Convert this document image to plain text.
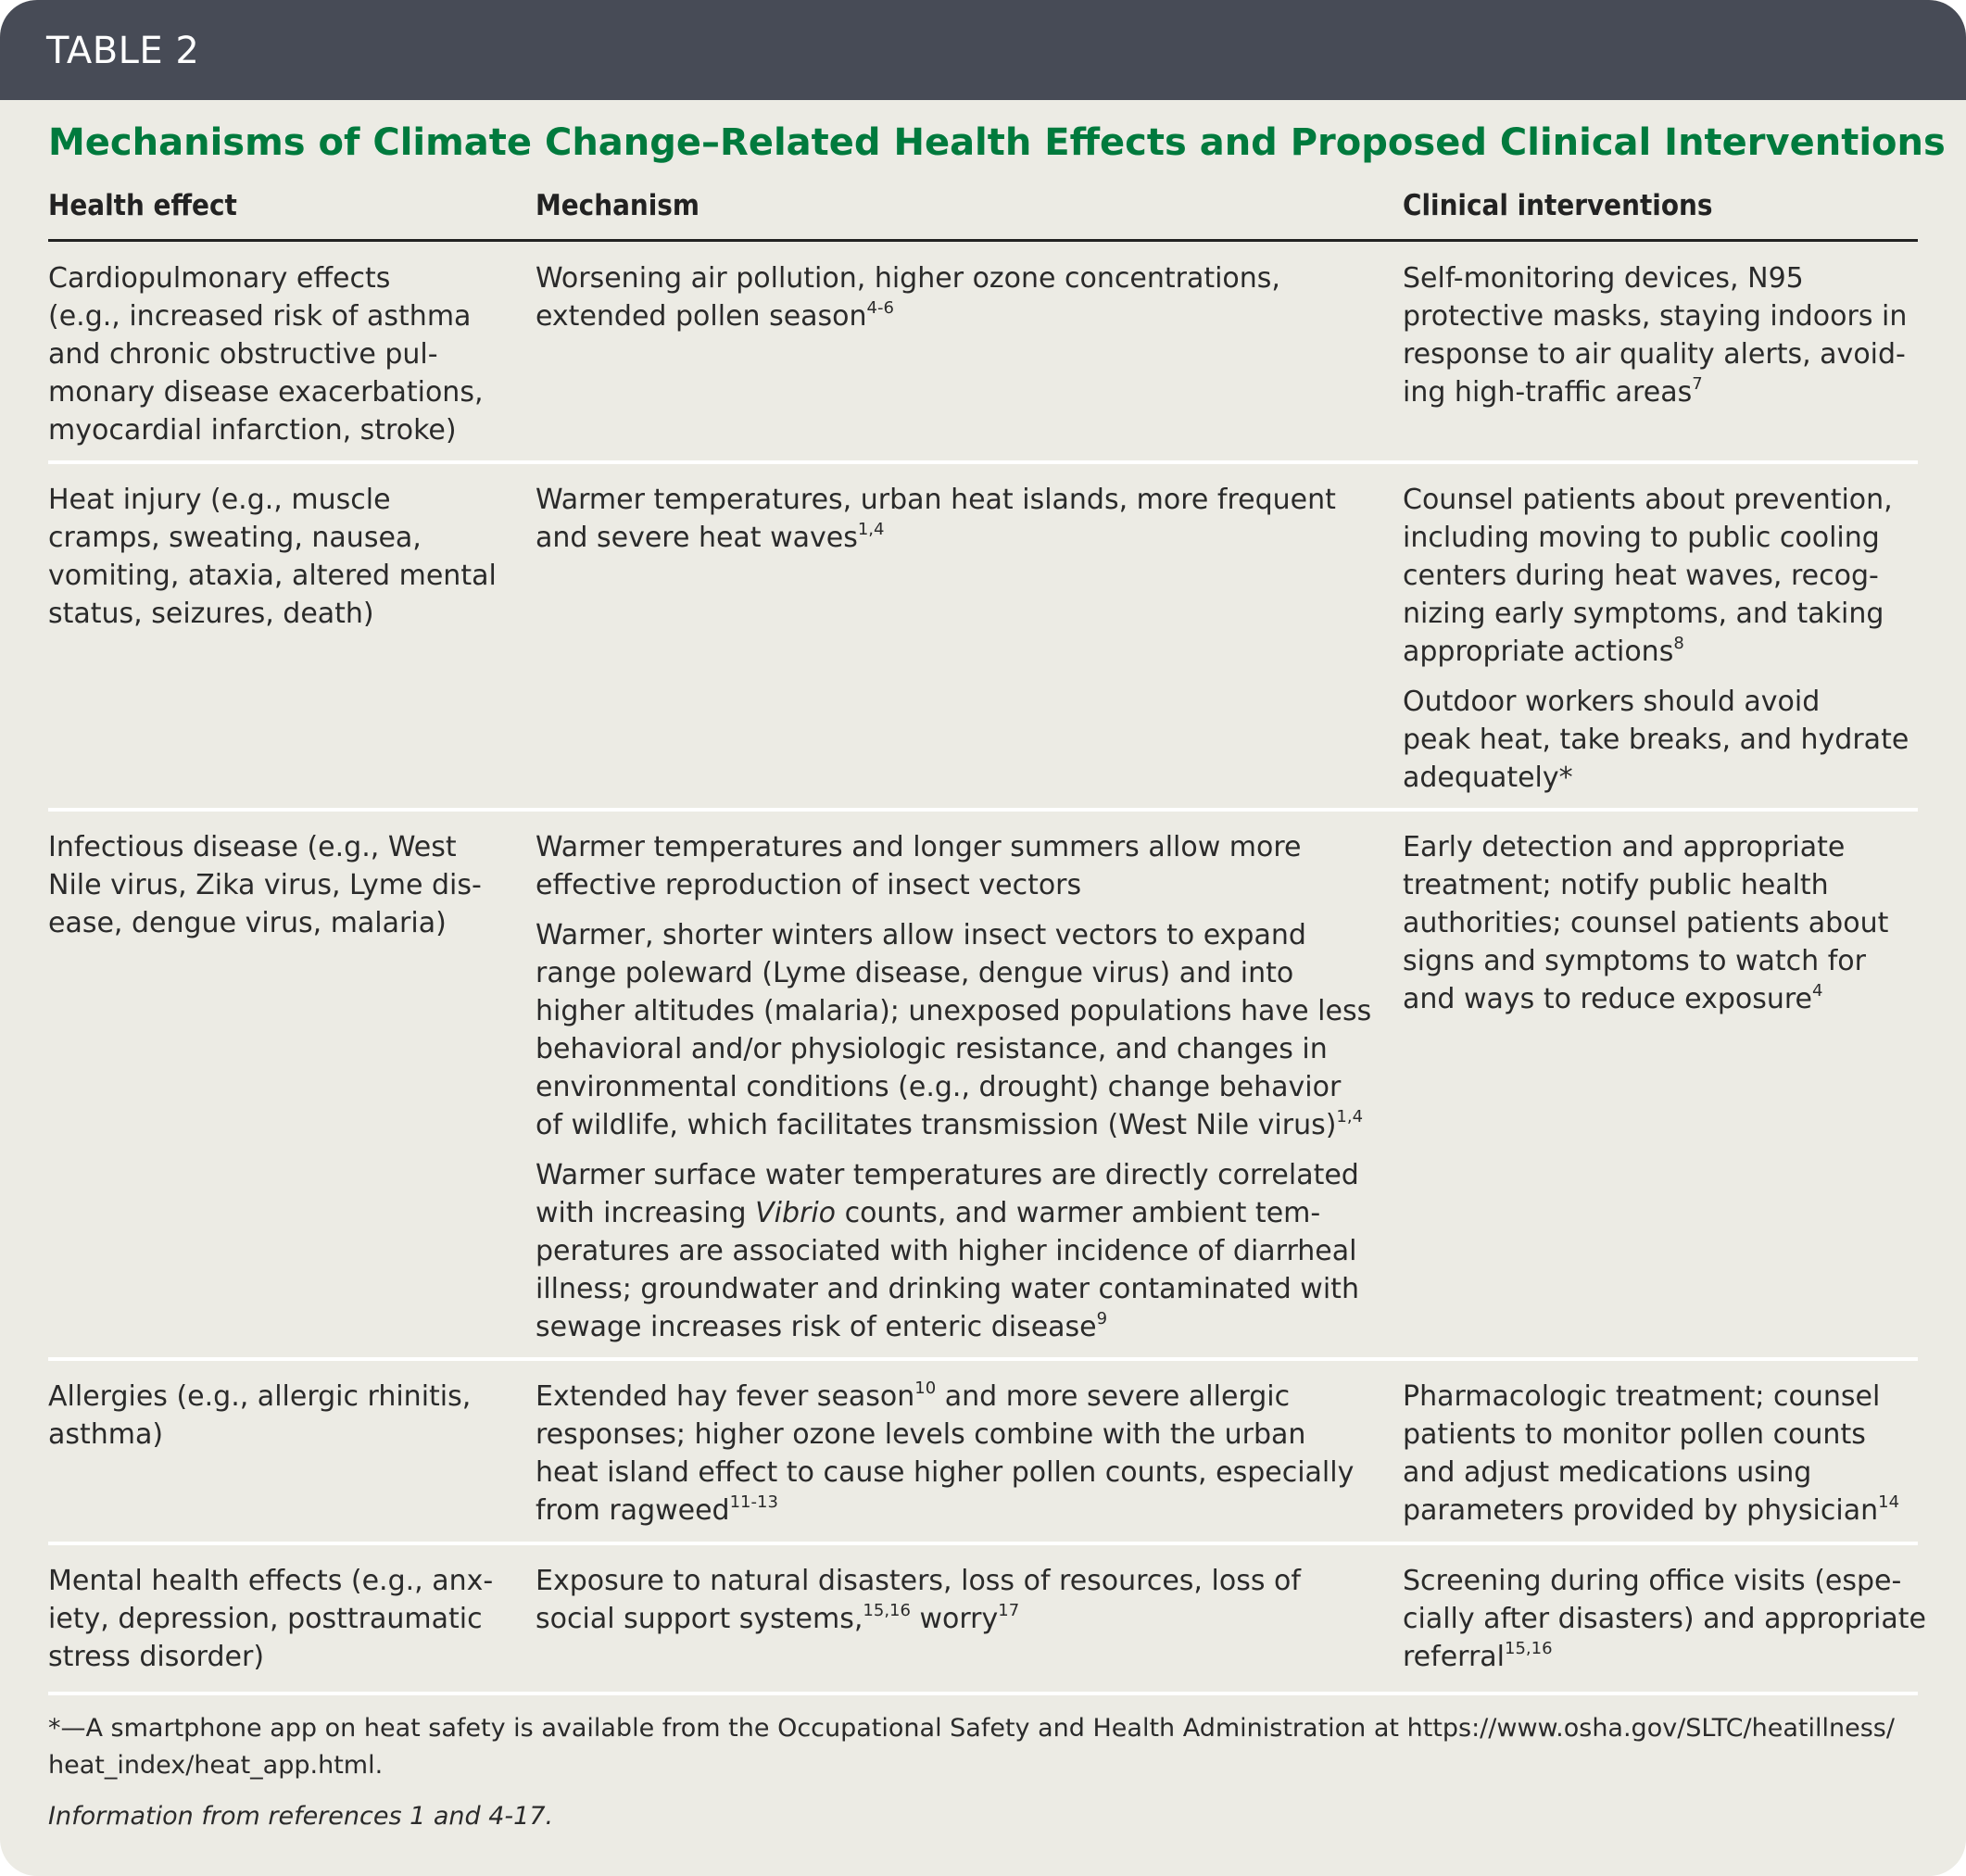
TABLE 2
Mechanisms of Climate Change–Related Health Effects and Proposed Clinical Interventions
Health effect	Mechanism	Clinical interventions
Cardiopulmonary effects
(e.g., increased risk of asthma
and chronic obstructive pul-
monary disease exacerbations,
myocardial infarction, stroke)
Worsening air pollution, higher ozone concentrations,
extended pollen season$^{4-6}$
Self-monitoring devices, N95
protective masks, staying indoors in
response to air quality alerts, avoid-
ing high-traffic areas$^7$
Heat injury (e.g., muscle
cramps, sweating, nausea,
vomiting, ataxia, altered mental
status, seizures, death)
Warmer temperatures, urban heat islands, more frequent
and severe heat waves$^{1,4}$
Counsel patients about prevention,
including moving to public cooling
centers during heat waves, recog-
nizing early symptoms, and taking
appropriate actions$^8$
Outdoor workers should avoid
peak heat, take breaks, and hydrate
adequately*
Infectious disease (e.g., West
Nile virus, Zika virus, Lyme dis-
ease, dengue virus, malaria)
Warmer temperatures and longer summers allow more
effective reproduction of insect vectors
Warmer, shorter winters allow insect vectors to expand
range poleward (Lyme disease, dengue virus) and into
higher altitudes (malaria); unexposed populations have less
behavioral and/or physiologic resistance, and changes in
environmental conditions (e.g., drought) change behavior
of wildlife, which facilitates transmission (West Nile virus)$^{1,4}$
Warmer surface water temperatures are directly correlated
with increasing Vibrio counts, and warmer ambient tem-
peratures are associated with higher incidence of diarrheal
illness; groundwater and drinking water contaminated with
sewage increases risk of enteric disease$^9$
Early detection and appropriate
treatment; notify public health
authorities; counsel patients about
signs and symptoms to watch for
and ways to reduce exposure$^4$
Allergies (e.g., allergic rhinitis,
asthma)
Extended hay fever season$^{10}$ and more severe allergic
responses; higher ozone levels combine with the urban
heat island effect to cause higher pollen counts, especially
from ragweed$^{11-13}$
Pharmacologic treatment; counsel
patients to monitor pollen counts
and adjust medications using
parameters provided by physician$^{14}$
Mental health effects (e.g., anx-
iety, depression, posttraumatic
stress disorder)
Exposure to natural disasters, loss of resources, loss of
social support systems,$^{15,16}$ worry$^{17}$
Screening during office visits (espe-
cially after disasters) and appropriate
referral$^{15,16}$
*—A smartphone app on heat safety is available from the Occupational Safety and Health Administration at https://www.osha.gov/SLTC/heatillness/
heat_index/heat_app.html.
Information from references 1 and 4-17.
